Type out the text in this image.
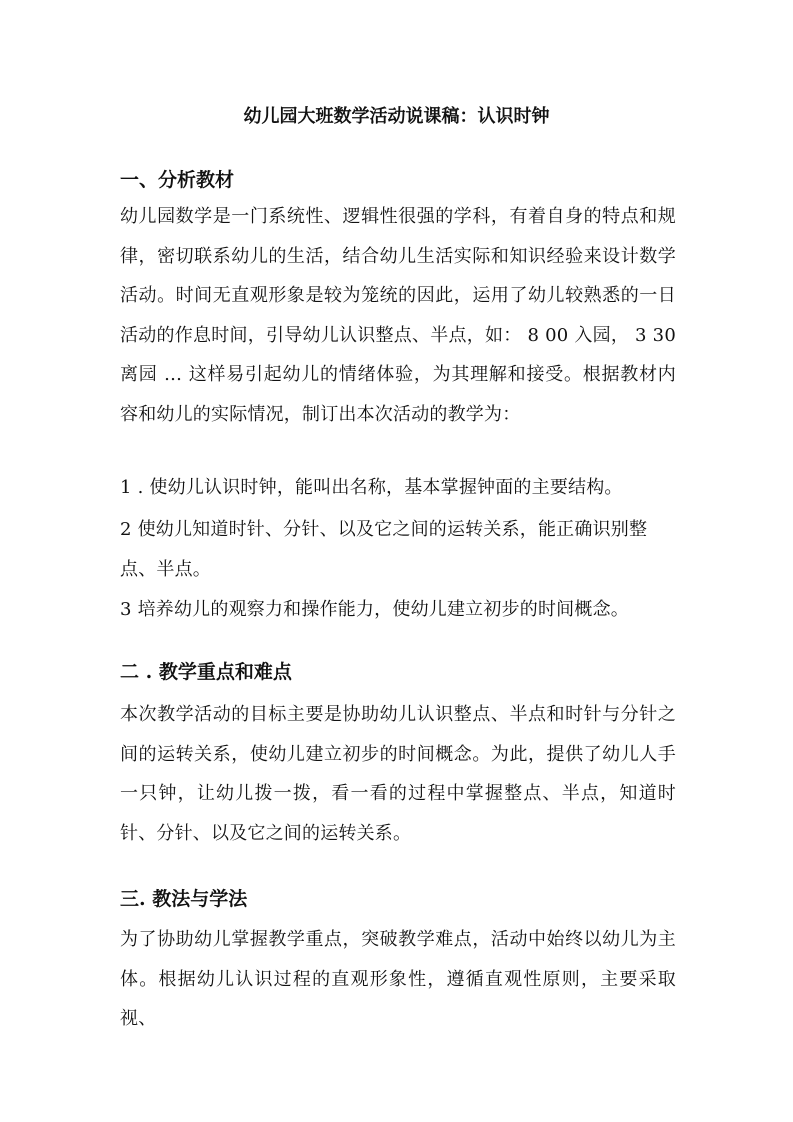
幼儿园大班数学活动说课稿：认识时钟
一、分析教材
幼儿园数学是一门系统性、逻辑性很强的学科，有着自身的特点和规律，密切联系幼儿的生活，结合幼儿生活实际和知识经验来设计数学活动。时间无直观形象是较为笼统的因此，运用了幼儿较熟悉的一日活动的作息时间，引导幼儿认识整点、半点，如： 8 00 入园， 3 30 离园 … 这样易引起幼儿的情绪体验，为其理解和接受。根据教材内容和幼儿的实际情况，制订出本次活动的教学为：
1 . 使幼儿认识时钟，能叫出名称，基本掌握钟面的主要结构。
2 使幼儿知道时针、分针、以及它之间的运转关系，能正确识别整点、半点。
3 培养幼儿的观察力和操作能力，使幼儿建立初步的时间概念。
二 . 教学重点和难点
本次教学活动的目标主要是协助幼儿认识整点、半点和时针与分针之间的运转关系，使幼儿建立初步的时间概念。为此，提供了幼儿人手一只钟，让幼儿拨一拨，看一看的过程中掌握整点、半点，知道时针、分针、以及它之间的运转关系。
三. 教法与学法
为了协助幼儿掌握教学重点，突破教学难点，活动中始终以幼儿为主体。根据幼儿认识过程的直观形象性，遵循直观性原则，主要采取视、
